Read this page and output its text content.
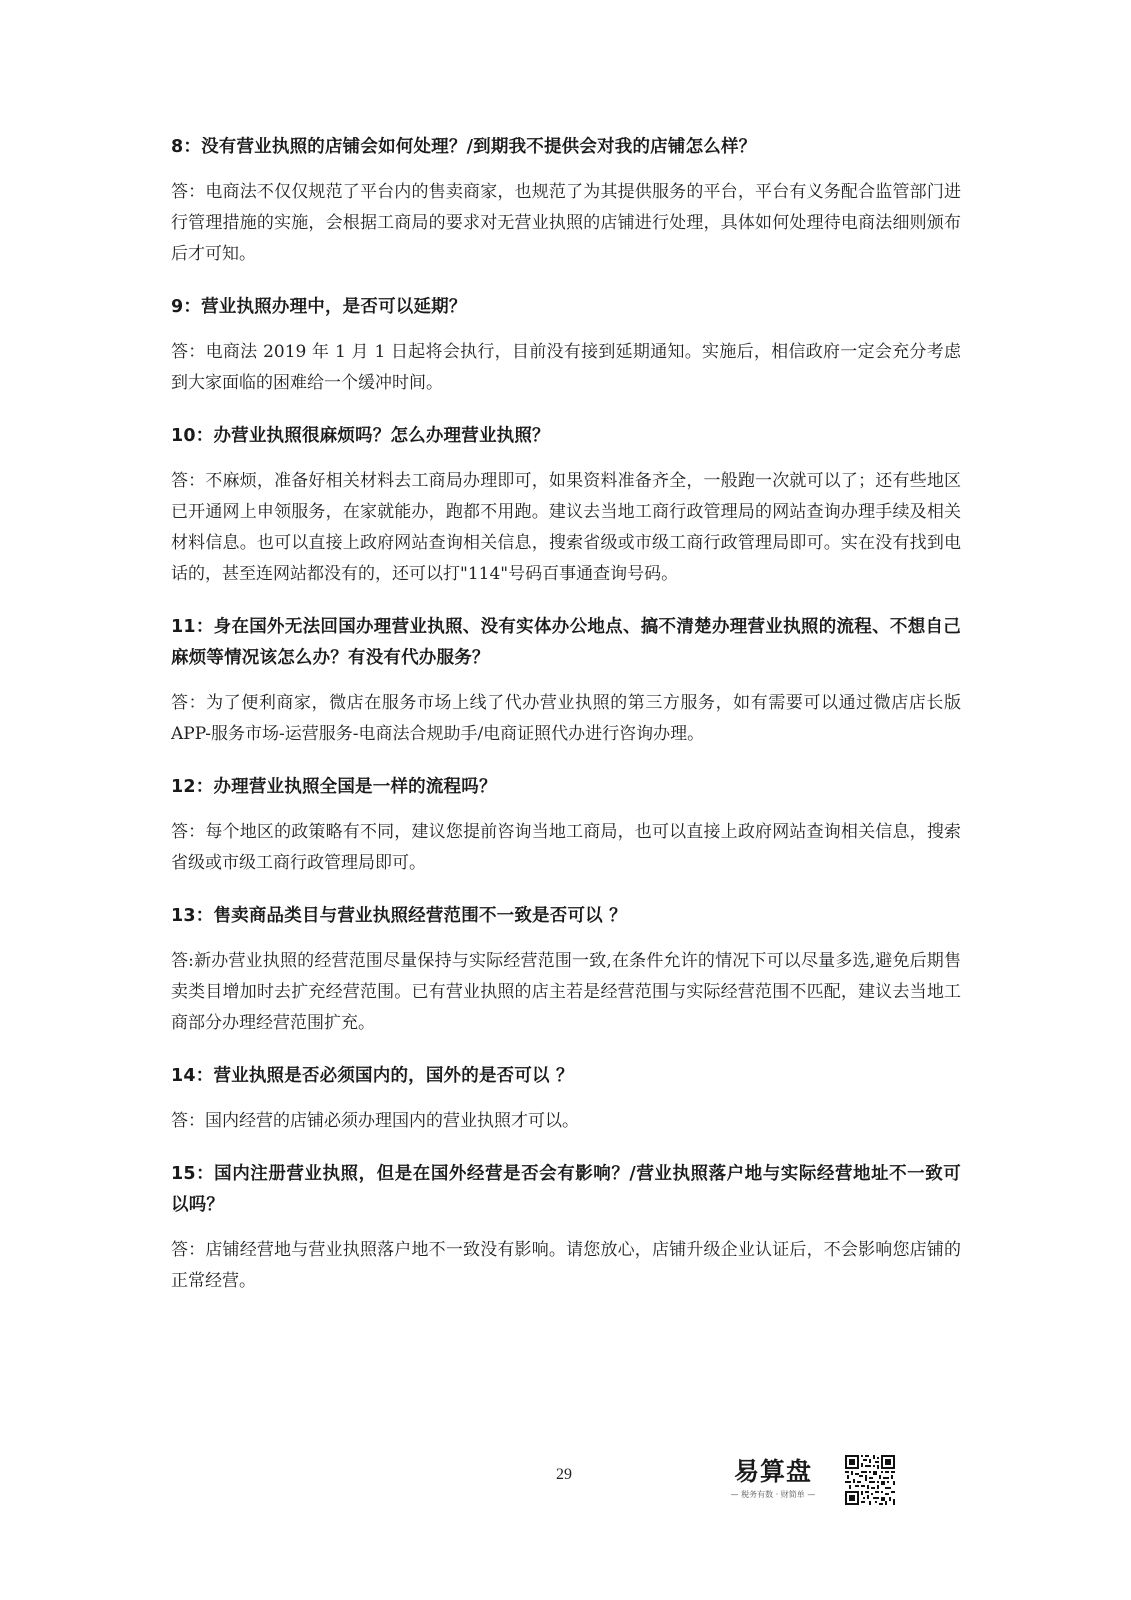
8：没有营业执照的店铺会如何处理？/到期我不提供会对我的店铺怎么样？

答：电商法不仅仅规范了平台内的售卖商家，也规范了为其提供服务的平台，平台有义务配合监管部门进行管理措施的实施，会根据工商局的要求对无营业执照的店铺进行处理，具体如何处理待电商法细则颁布后才可知。

9：营业执照办理中，是否可以延期？

答：电商法 2019 年 1 月 1 日起将会执行，目前没有接到延期通知。实施后，相信政府一定会充分考虑到大家面临的困难给一个缓冲时间。

10：办营业执照很麻烦吗？怎么办理营业执照？

答：不麻烦，准备好相关材料去工商局办理即可，如果资料准备齐全，一般跑一次就可以了；还有些地区已开通网上申领服务，在家就能办，跑都不用跑。建议去当地工商行政管理局的网站查询办理手续及相关材料信息。也可以直接上政府网站查询相关信息，搜索省级或市级工商行政管理局即可。实在没有找到电话的，甚至连网站都没有的，还可以打"114"号码百事通查询号码。

11：身在国外无法回国办理营业执照、没有实体办公地点、搞不清楚办理营业执照的流程、不想自己麻烦等情况该怎么办？有没有代办服务？

答：为了便利商家，微店在服务市场上线了代办营业执照的第三方服务，如有需要可以通过微店店长版 APP-服务市场-运营服务-电商法合规助手/电商证照代办进行咨询办理。

12：办理营业执照全国是一样的流程吗？

答：每个地区的政策略有不同，建议您提前咨询当地工商局，也可以直接上政府网站查询相关信息，搜索省级或市级工商行政管理局即可。

13：售卖商品类目与营业执照经营范围不一致是否可以 ？

答:新办营业执照的经营范围尽量保持与实际经营范围一致,在条件允许的情况下可以尽量多选,避免后期售卖类目增加时去扩充经营范围。已有营业执照的店主若是经营范围与实际经营范围不匹配，建议去当地工商部分办理经营范围扩充。

14：营业执照是否必须国内的，国外的是否可以 ？

答：国内经营的店铺必须办理国内的营业执照才可以。

15：国内注册营业执照，但是在国外经营是否会有影响？/营业执照落户地与实际经营地址不一致可以吗？

答：店铺经营地与营业执照落户地不一致没有影响。请您放心，店铺升级企业认证后，不会影响您店铺的正常经营。

29	易算盘
— 税务有数 · 财简单 —
